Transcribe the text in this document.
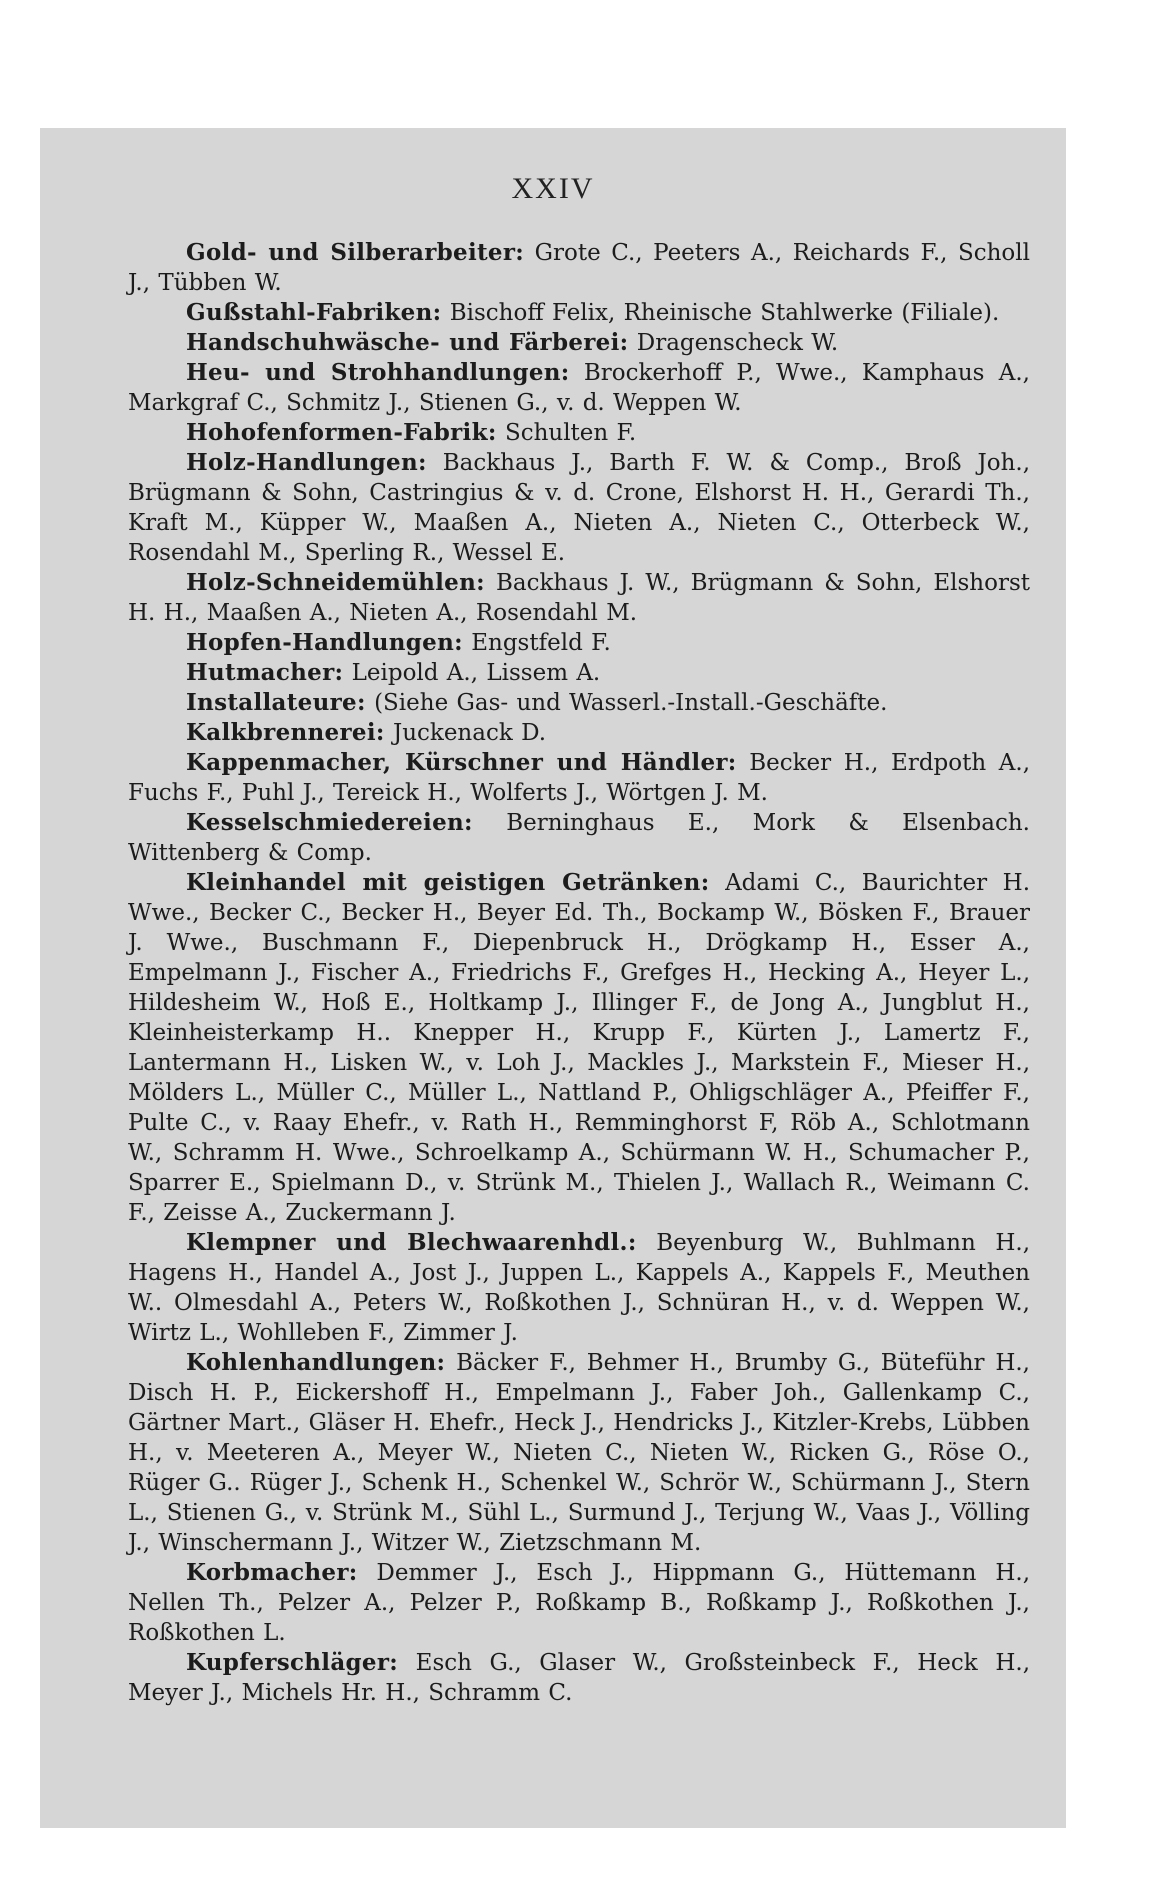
XXIV

Gold- und Silberarbeiter: Grote C., Peeters A., Reichards F., Scholl J., Tübben W.

Gußstahl-Fabriken: Bischoff Felix, Rheinische Stahlwerke (Filiale).

Handschuhwäsche- und Färberei: Dragenscheck W.

Heu- und Strohhandlungen: Brockerhoff P., Wwe., Kamphaus A., Markgraf C., Schmitz J., Stienen G., v. d. Weppen W.

Hohofenformen-Fabrik: Schulten F.

Holz-Handlungen: Backhaus J., Barth F. W. & Comp., Broß Joh., Brügmann & Sohn, Castringius & v. d. Crone, Elshorst H. H., Gerardi Th., Kraft M., Küpper W., Maaßen A., Nieten A., Nieten C., Otterbeck W., Rosendahl M., Sperling R., Wessel E.

Holz-Schneidemühlen: Backhaus J. W., Brügmann & Sohn, Elshorst H. H., Maaßen A., Nieten A., Rosendahl M.

Hopfen-Handlungen: Engstfeld F.

Hutmacher: Leipold A., Lissem A.

Installateure: (Siehe Gas- und Wasserl.-Install.-Geschäfte.

Kalkbrennerei: Juckenack D.

Kappenmacher, Kürschner und Händler: Becker H., Erdpoth A., Fuchs F., Puhl J., Tereick H., Wolferts J., Wörtgen J. M.

Kesselschmiedereien: Berninghaus E., Mork & Elsenbach. Wittenberg & Comp.

Kleinhandel mit geistigen Getränken: Adami C., Baurichter H. Wwe., Becker C., Becker H., Beyer Ed. Th., Bockamp W., Bösken F., Brauer J. Wwe., Buschmann F., Diepenbruck H., Drögkamp H., Esser A., Empelmann J., Fischer A., Friedrichs F., Grefges H., Hecking A., Heyer L., Hildesheim W., Hoß E., Holtkamp J., Illinger F., de Jong A., Jungblut H., Kleinheisterkamp H.. Knepper H., Krupp F., Kürten J., Lamertz F., Lantermann H., Lisken W., v. Loh J., Mackles J., Markstein F., Mieser H., Mölders L., Müller C., Müller L., Nattland P., Ohligschläger A., Pfeiffer F., Pulte C., v. Raay Ehefr., v. Rath H., Remminghorst F, Röb A., Schlotmann W., Schramm H. Wwe., Schroelkamp A., Schürmann W. H., Schumacher P., Sparrer E., Spielmann D., v. Strünk M., Thielen J., Wallach R., Weimann C. F., Zeisse A., Zuckermann J.

Klempner und Blechwaarenhdl.: Beyenburg W., Buhlmann H., Hagens H., Handel A., Jost J., Juppen L., Kappels A., Kappels F., Meuthen W.. Olmesdahl A., Peters W., Roßkothen J., Schnüran H., v. d. Weppen W., Wirtz L., Wohlleben F., Zimmer J.

Kohlenhandlungen: Bäcker F., Behmer H., Brumby G., Büteführ H., Disch H. P., Eickershoff H., Empelmann J., Faber Joh., Gallenkamp C., Gärtner Mart., Gläser H. Ehefr., Heck J., Hendricks J., Kitzler-Krebs, Lübben H., v. Meeteren A., Meyer W., Nieten C., Nieten W., Ricken G., Röse O., Rüger G.. Rüger J., Schenk H., Schenkel W., Schrör W., Schürmann J., Stern L., Stienen G., v. Strünk M., Sühl L., Surmund J., Terjung W., Vaas J., Völling J., Winschermann J., Witzer W., Zietzschmann M.

Korbmacher: Demmer J., Esch J., Hippmann G., Hüttemann H., Nellen Th., Pelzer A., Pelzer P., Roßkamp B., Roßkamp J., Roßkothen J., Roßkothen L.

Kupferschläger: Esch G., Glaser W., Großsteinbeck F., Heck H., Meyer J., Michels Hr. H., Schramm C.
